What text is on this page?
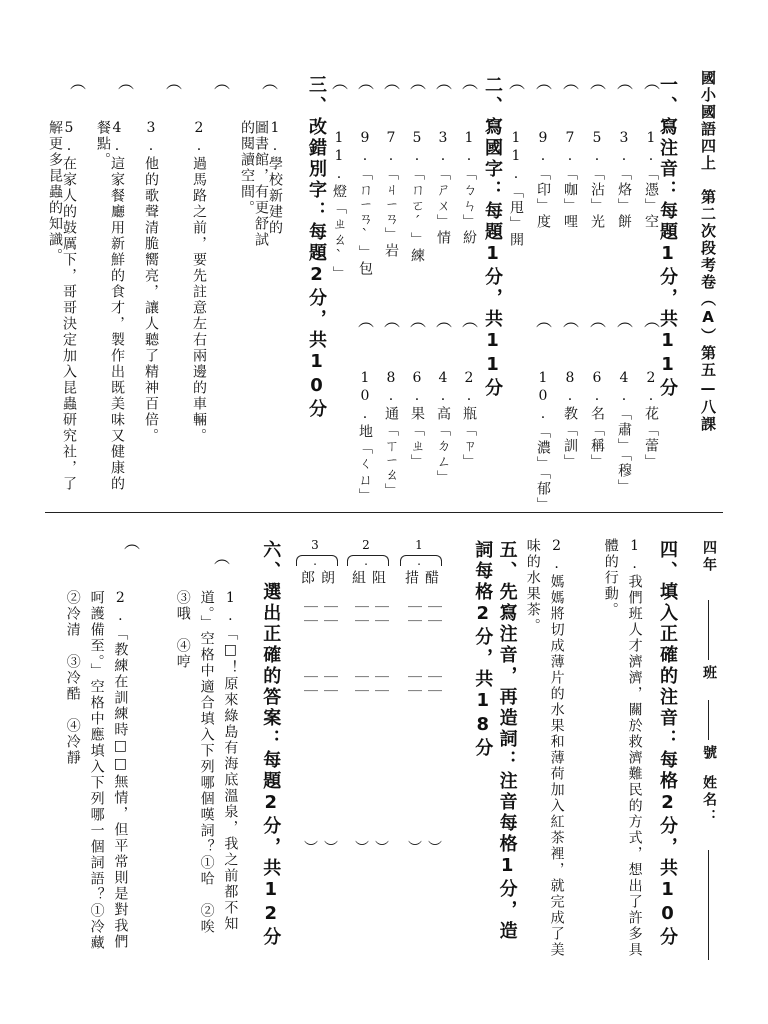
國小國語四上　第二次段考卷（A）第五—八課
一、寫注音：每題1分，共11分
︵
1.「憑」空
︵
3.「烙」餅
︵
5.「沾」光
︵
7.「咖」哩
︵
9.「印」度
︵
11.「甩」開
︵
2.花「蕾」
︵
4.「肅」「穆」
︵
6.名「稱」
︵
8.教「訓」
︵
10.「濃」「郁」
二、寫國字：每題1分，共11分
︵
1.「ㄅㄣ」紛
︵
3.「ㄕㄨ」情
︵
5.「ㄇㄛˊ」練
︵
7.「ㄐㄧㄢ」岩
︵
9.「ㄇㄧㄢˋ」包
︵
11.燈「ㄓㄠˋ」
︵
2.瓶「ㄗ」
︵
4.高「ㄉㄥ」
︵
6.果「ㄓ」
︵
8.通「ㄒㄧㄠ」
︵
10.地「ㄑㄩ」
三、改錯別字：每題2分，共10分
︵
1.學校新建的圖書館，有更舒試的閱讀空間。
︵
2.過馬路之前，要先註意左右兩邊的車輛。
︵
3.他的歌聲清脆嚮亮，讓人聽了精神百倍。
︵
4.這家餐廳用新鮮的食才，製作出既美味又健康的餐點。
︵
5.在家人的鼓厲下，哥哥決定加入昆蟲研究社，了解更多昆蟲的知識。
四年
班
號
姓名：
四、填入正確的注音：每格2分，共10分
1.我們班人才濟濟，關於救濟難民的方式，想出了許多具體的行動。
2.媽媽將切成薄片的水果和薄荷加入紅茶裡，就完成了美味的水果茶。
五、先寫注音，再造詞：注音每格1分，造詞每格2分，共18分
1.
醋
措
｜｜
｜｜
｜｜
｜｜
︶
︶
2.
阻
組
｜｜
｜｜
｜｜
｜｜
︶
︶
3.
朗
郎
｜｜
｜｜
｜｜
｜｜
︶
︶
六、選出正確的答案：每題2分，共12分
︵
1.「□！原來綠島有海底溫泉，我之前都不知道。」空格中適合填入下列哪個嘆詞？①哈　②唉　③哦　④哼
︵
2.「教練在訓練時□□無情，但平常則是對我們呵護備至。」空格中應填入下列哪一個詞語？①冷藏　②冷清　③冷酷　④冷靜
